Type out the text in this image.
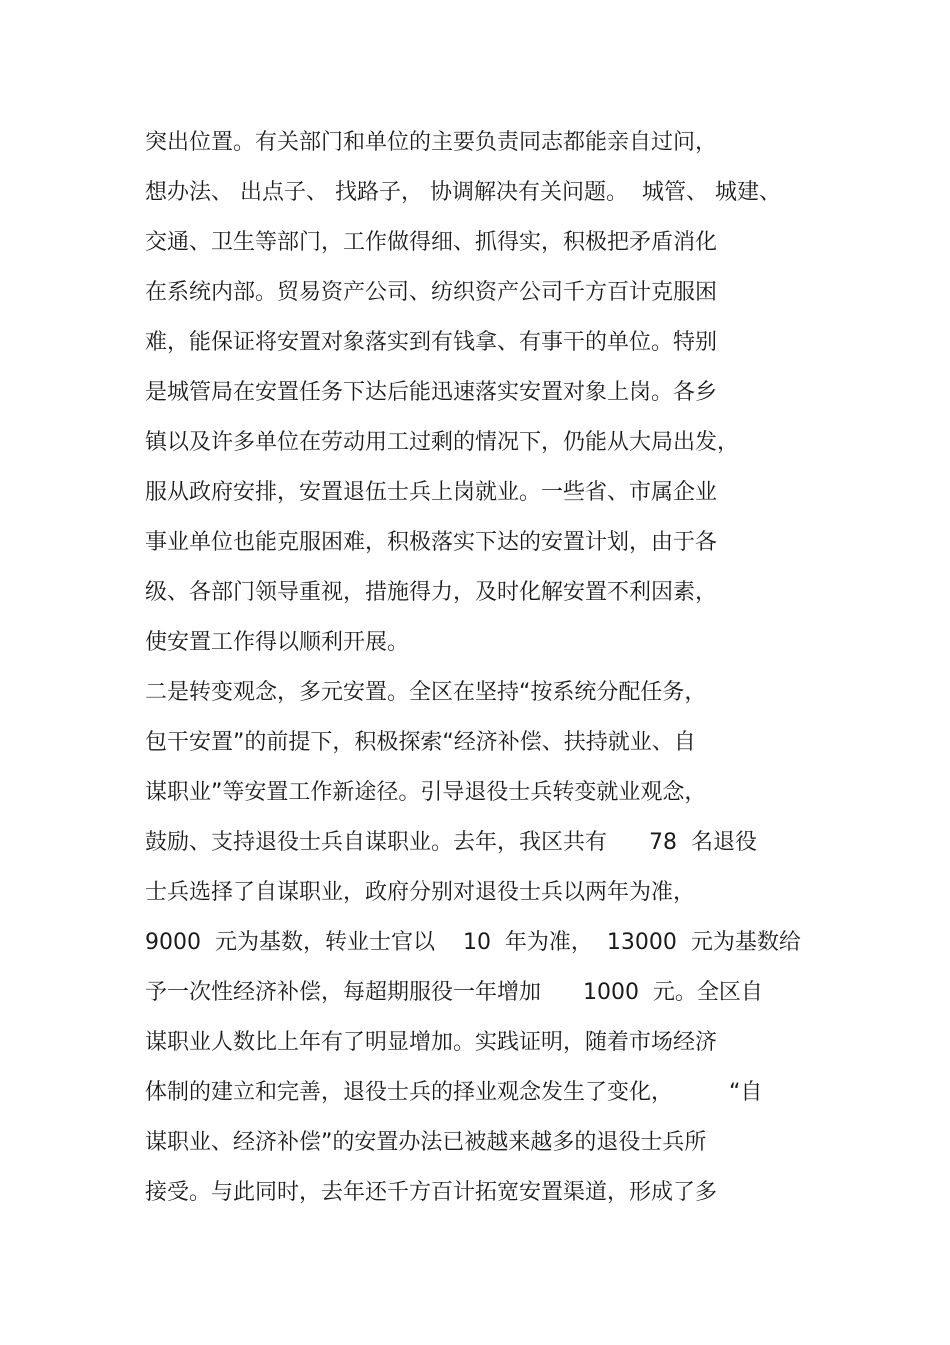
突出位置。有关部门和单位的主要负责同志都能亲自过问，
想办法、 出点子、 找路子， 协调解决有关问题。  城管、 城建、
交通、卫生等部门，工作做得细、抓得实，积极把矛盾消化
在系统内部。贸易资产公司、纺织资产公司千方百计克服困
难，能保证将安置对象落实到有钱拿、有事干的单位。特别
是城管局在安置任务下达后能迅速落实安置对象上岗。各乡
镇以及许多单位在劳动用工过剩的情况下，仍能从大局出发，
服从政府安排，安置退伍士兵上岗就业。一些省、市属企业
事业单位也能克服困难，积极落实下达的安置计划，由于各
级、各部门领导重视，措施得力，及时化解安置不利因素，
使安置工作得以顺利开展。
二是转变观念，多元安置。全区在坚持“按系统分配任务，
包干安置”的前提下，积极探索“经济补偿、扶持就业、自
谋职业”等安置工作新途径。引导退役士兵转变就业观念，
鼓励、支持退役士兵自谋职业。去年，我区共有      78  名退役
士兵选择了自谋职业，政府分别对退役士兵以两年为准，
9000  元为基数，转业士官以    10  年为准，  13000  元为基数给
予一次性经济补偿，每超期服役一年增加      1000  元。全区自
谋职业人数比上年有了明显增加。实践证明，随着市场经济
体制的建立和完善，退役士兵的择业观念发生了变化，        “自
谋职业、经济补偿”的安置办法已被越来越多的退役士兵所
接受。与此同时，去年还千方百计拓宽安置渠道，形成了多
